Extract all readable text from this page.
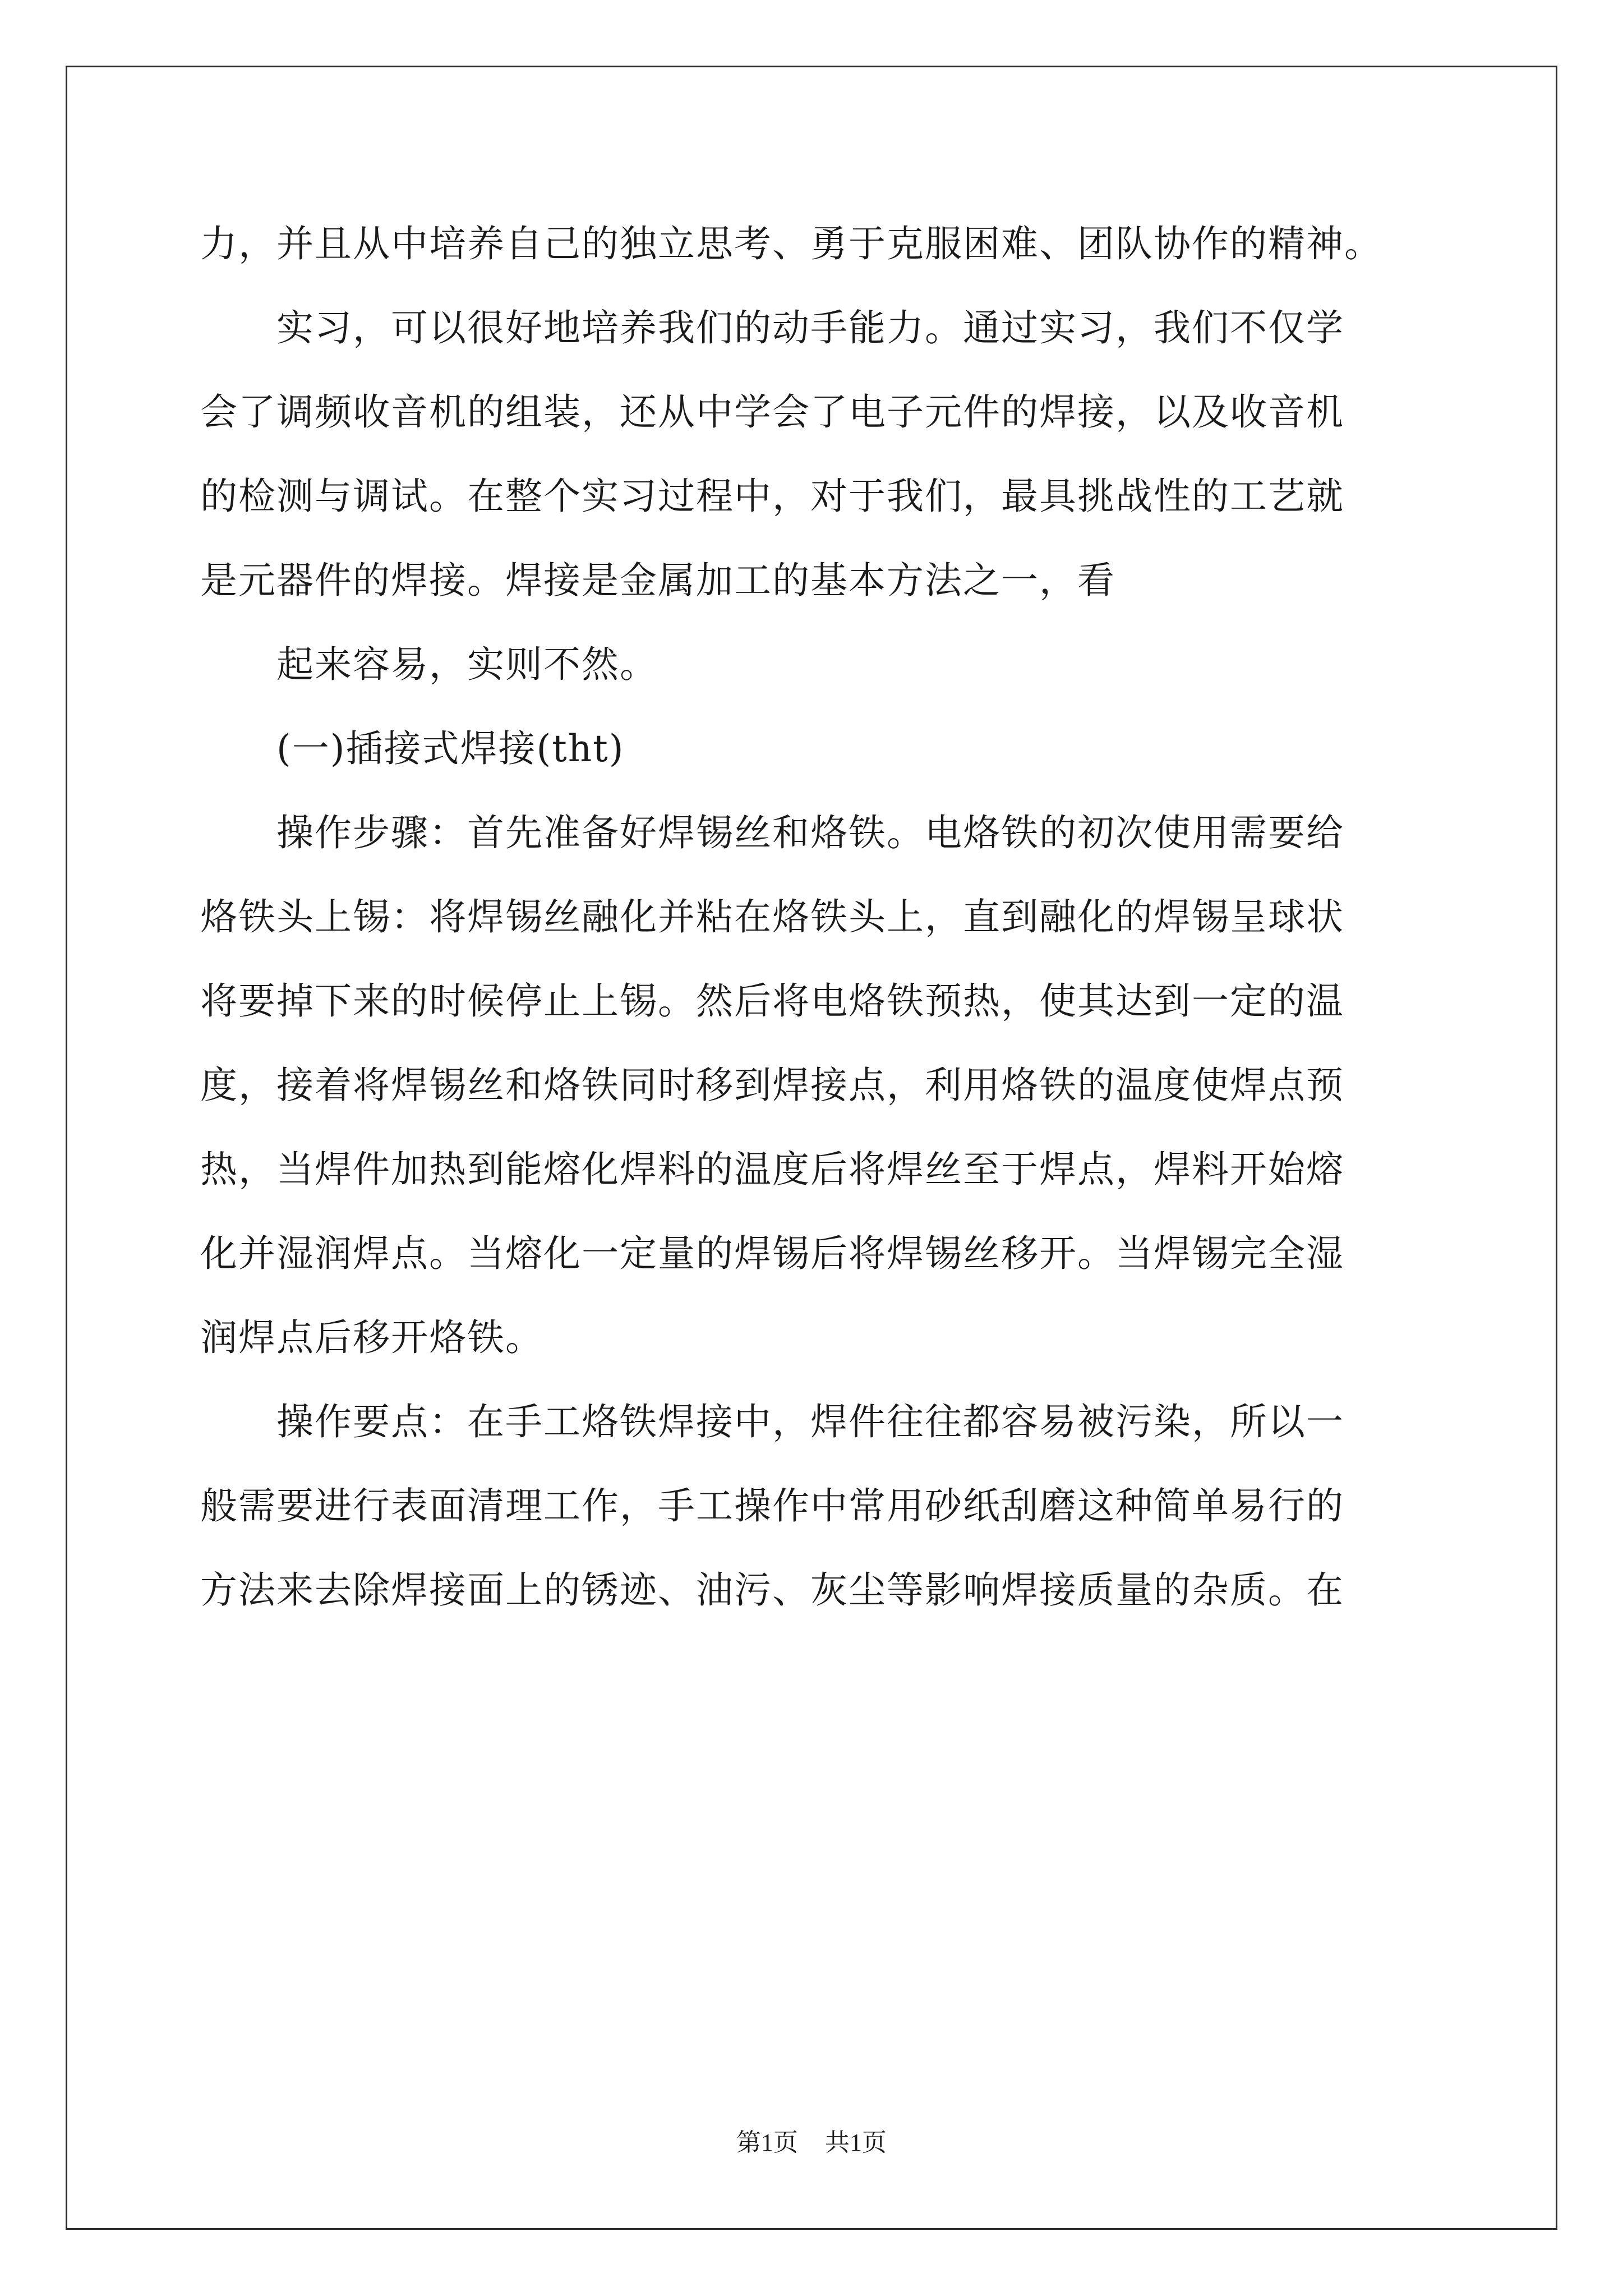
力，并且从中培养自己的独立思考、勇于克服困难、团队协作的精神。
　　实习，可以很好地培养我们的动手能力。通过实习，我们不仅学
会了调频收音机的组装，还从中学会了电子元件的焊接，以及收音机
的检测与调试。在整个实习过程中，对于我们，最具挑战性的工艺就
是元器件的焊接。焊接是金属加工的基本方法之一，看
　　起来容易，实则不然。
　　(一)插接式焊接(tht)
　　操作步骤：首先准备好焊锡丝和烙铁。电烙铁的初次使用需要给
烙铁头上锡：将焊锡丝融化并粘在烙铁头上，直到融化的焊锡呈球状
将要掉下来的时候停止上锡。然后将电烙铁预热，使其达到一定的温
度，接着将焊锡丝和烙铁同时移到焊接点，利用烙铁的温度使焊点预
热，当焊件加热到能熔化焊料的温度后将焊丝至于焊点，焊料开始熔
化并湿润焊点。当熔化一定量的焊锡后将焊锡丝移开。当焊锡完全湿
润焊点后移开烙铁。
　　操作要点：在手工烙铁焊接中，焊件往往都容易被污染，所以一
般需要进行表面清理工作，手工操作中常用砂纸刮磨这种简单易行的
方法来去除焊接面上的锈迹、油污、灰尘等影响焊接质量的杂质。在
第1页 共1页
